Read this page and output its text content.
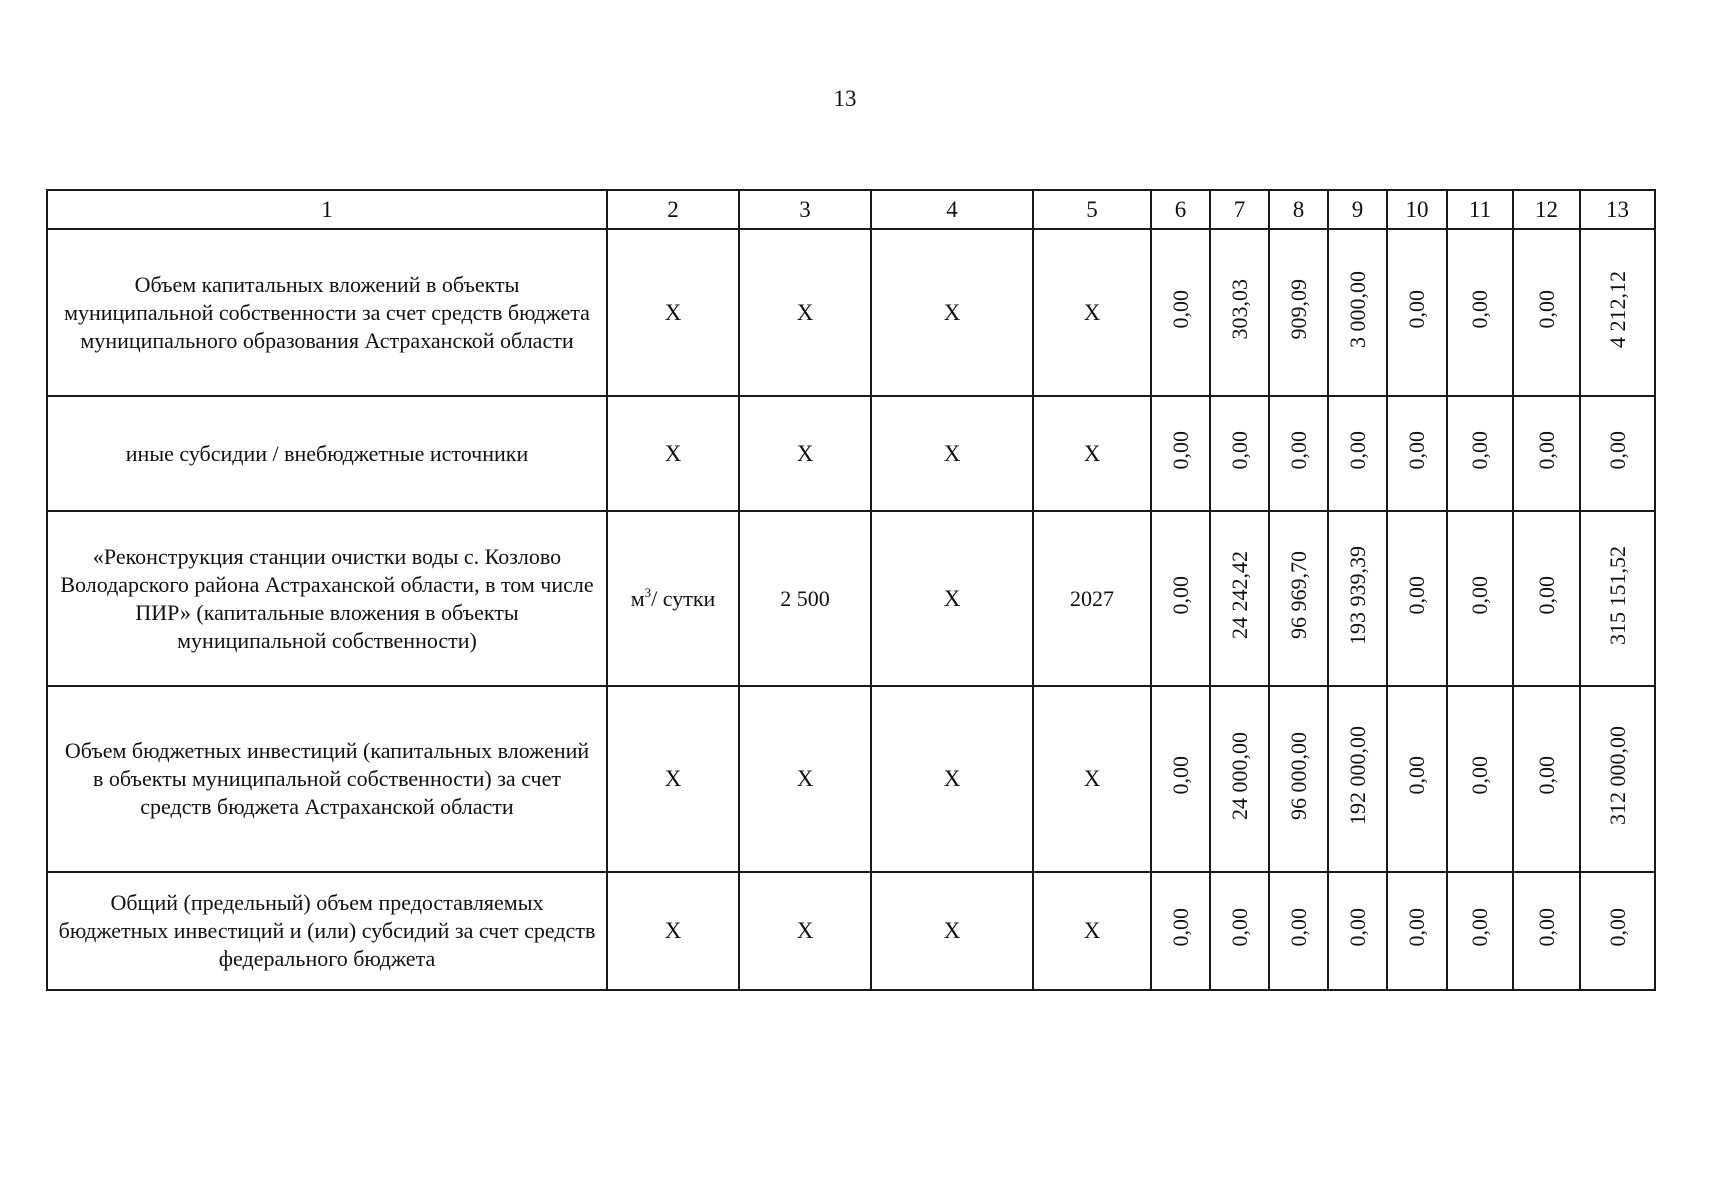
13
1	2	3	4	5	6	7	8	9	10	11	12	13
Объем капитальных вложений в объекты муниципальной собственности за счет средств бюджета муниципального образования Астраханской области	X	X	X	X	0,00	303,03	909,09	3 000,00	0,00	0,00	0,00	4 212,12
иные субсидии / внебюджетные источники	X	X	X	X	0,00	0,00	0,00	0,00	0,00	0,00	0,00	0,00
«Реконструкция станции очистки воды с. Козлово Володарского района Астраханской области, в том числе ПИР» (капитальные вложения в объекты муниципальной собственности)	$м^3/$ сутки	2 500	X	2027	0,00	24 242,42	96 969,70	193 939,39	0,00	0,00	0,00	315 151,52
Объем бюджетных инвестиций (капитальных вложений в объекты муниципальной собственности) за счет средств бюджета Астраханской области	X	X	X	X	0,00	24 000,00	96 000,00	192 000,00	0,00	0,00	0,00	312 000,00
Общий (предельный) объем предоставляемых бюджетных инвестиций и (или) субсидий за счет средств федерального бюджета	X	X	X	X	0,00	0,00	0,00	0,00	0,00	0,00	0,00	0,00
